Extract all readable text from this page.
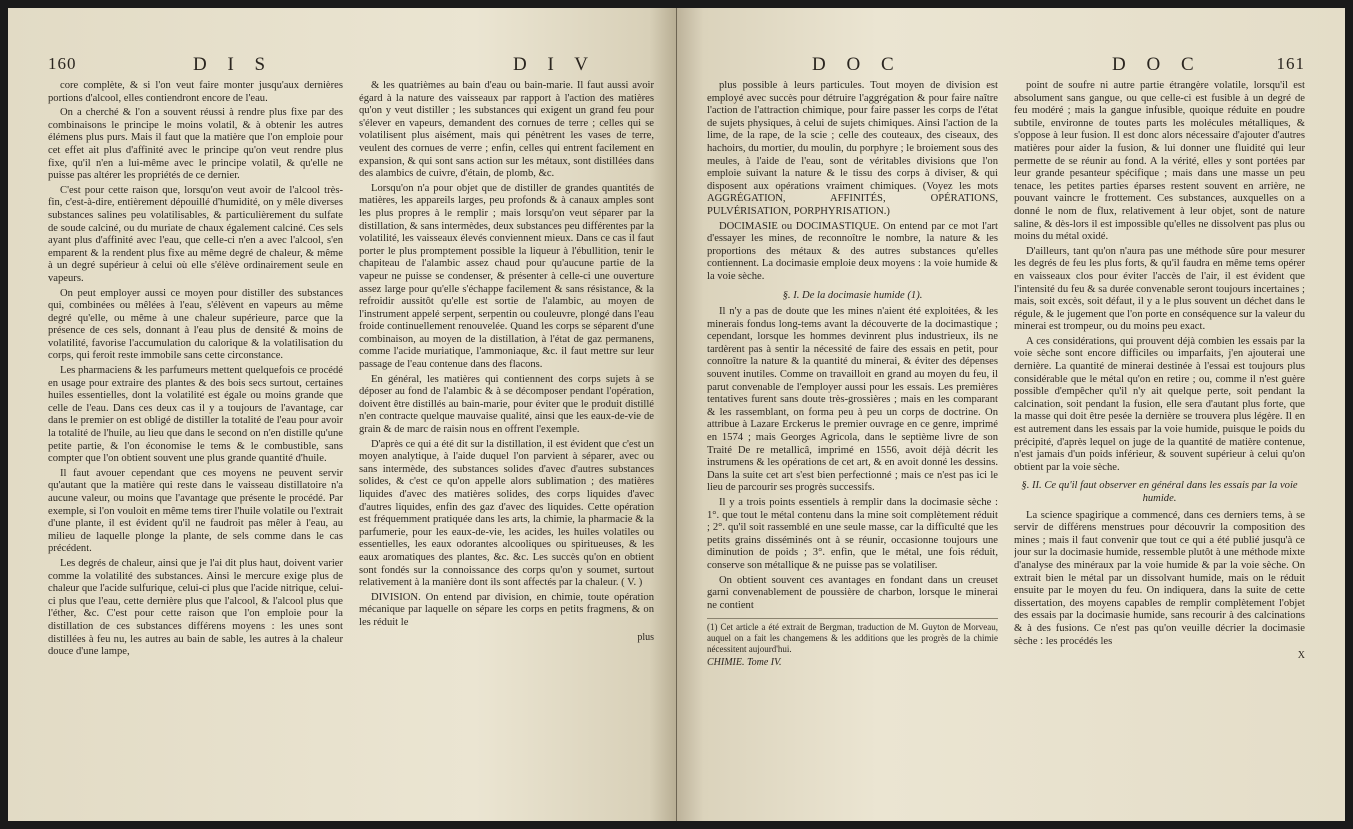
160	D I S	D I V

core complète, & si l'on veut faire monter jusqu'aux dernières portions d'alcool, elles contiendront encore de l'eau.

On a cherché & l'on a souvent réussi à rendre plus fixe par des combinaisons le principe le moins volatil, & à obtenir les autres élémens plus purs. Mais il faut que la matière que l'on emploie pour cet effet ait plus d'affinité avec le principe qu'on veut rendre plus fixe, qu'il n'en a lui-même avec le principe volatil, & qu'elle ne puisse pas altérer les propriétés de ce dernier.

C'est pour cette raison que, lorsqu'on veut avoir de l'alcool très-fin, c'est-à-dire, entièrement dépouillé d'humidité, on y mêle diverses substances salines peu volatilisables, & particulièrement du sulfate de soude calciné, ou du muriate de chaux également calciné. Ces sels ayant plus d'affinité avec l'eau, que celle-ci n'en a avec l'alcool, s'en emparent & la rendent plus fixe au même degré de chaleur, & même à un degré supérieur à celui où elle s'élève ordinairement seule en vapeurs.

On peut employer aussi ce moyen pour distiller des substances qui, combinées ou mêlées à l'eau, s'élèvent en vapeurs au même degré qu'elle, ou même à une chaleur supérieure, parce que la présence de ces sels, donnant à l'eau plus de densité & moins de volatilité, favorise l'accumulation du calorique & la volatilisation du corps, qui feroit reste immobile sans cette circonstance.

Les pharmaciens & les parfumeurs mettent quelquefois ce procédé en usage pour extraire des plantes & des bois secs surtout, certaines huiles essentielles, dont la volatilité est égale ou moins grande que celle de l'eau. Dans ces deux cas il y a toujours de l'avantage, car dans le premier on est obligé de distiller la totalité de l'eau pour avoir la totalité de l'huile, au lieu que dans le second on n'en distille qu'une petite partie, & l'on économise le tems & le combustible, sans compter que l'on obtient souvent une plus grande quantité d'huile.

Il faut avouer cependant que ces moyens ne peuvent servir qu'autant que la matière qui reste dans le vaisseau distillatoire n'a aucune valeur, ou moins que l'avantage que présente le procédé. Par exemple, si l'on vouloit en même tems tirer l'huile volatile ou l'extrait d'une plante, il est évident qu'il ne faudroit pas mêler à l'eau, au milieu de laquelle plonge la plante, de sels comme dans le cas précédent.

Les degrés de chaleur, ainsi que je l'ai dit plus haut, doivent varier comme la volatilité des substances. Ainsi le mercure exige plus de chaleur que l'acide sulfurique, celui-ci plus que l'acide nitrique, celui-ci plus que l'eau, cette dernière plus que l'alcool, & l'alcool plus que l'éther, &c. C'est pour cette raison que l'on emploie pour la distillation de ces substances différens moyens : les unes sont distillées à feu nu, les autres au bain de sable, les autres à la chaleur douce d'une lampe,

& les quatrièmes au bain d'eau ou bain-marie. Il faut aussi avoir égard à la nature des vaisseaux par rapport à l'action des matières qu'on y veut distiller ; les substances qui exigent un grand feu pour s'élever en vapeurs, demandent des cornues de terre ; celles qui se volatilisent plus aisément, mais qui pénètrent les vases de terre, veulent des cornues de verre ; enfin, celles qui entrent facilement en expansion, & qui sont sans action sur les métaux, sont distillées dans des alambics de cuivre, d'étain, de plomb, &c.

Lorsqu'on n'a pour objet que de distiller de grandes quantités de matières, les appareils larges, peu profonds & à canaux amples sont les plus propres à le remplir ; mais lorsqu'on veut séparer par la distillation, & sans intermèdes, deux substances peu différentes par la volatilité, les vaisseaux élevés conviennent mieux. Dans ce cas il faut porter le plus promptement possible la liqueur à l'ébullition, tenir le chapiteau de l'alambic assez chaud pour qu'aucune partie de la vapeur ne puisse se condenser, & présenter à celle-ci une ouverture assez large pour qu'elle s'échappe facilement & sans résistance, & la refroidir aussitôt qu'elle est sortie de l'alambic, au moyen de l'instrument appelé serpent, serpentin ou couleuvre, plongé dans l'eau froide continuellement renouvelée. Quand les corps se séparent d'une combinaison, au moyen de la distillation, à l'état de gaz permanens, comme l'acide muriatique, l'ammoniaque, &c. il faut mettre sur leur passage de l'eau contenue dans des flacons.

En général, les matières qui contiennent des corps sujets à se déposer au fond de l'alambic & à se décomposer pendant l'opération, doivent être distillés au bain-marie, pour éviter que le produit distillé n'en contracte quelque mauvaise qualité, ainsi que les eaux-de-vie de grain & de marc de raisin nous en offrent l'exemple.

D'après ce qui a été dit sur la distillation, il est évident que c'est un moyen analytique, à l'aide duquel l'on parvient à séparer, avec ou sans intermède, des substances solides d'avec d'autres substances solides, & c'est ce qu'on appelle alors sublimation ; des matières liquides d'avec des matières solides, des corps liquides d'avec d'autres liquides, enfin des gaz d'avec des liquides. Cette opération est fréquemment pratiquée dans les arts, la chimie, la pharmacie & la parfumerie, pour les eaux-de-vie, les acides, les huiles volatiles ou essentielles, les eaux odorantes alcooliques ou spiritueuses, & les eaux aromatiques des plantes, &c. &c. Les succès qu'on en obtient sont fondés sur la connoissance des corps qu'on y soumet, surtout relativement à la manière dont ils sont affectés par la chaleur. ( V. )

DIVISION. On entend par division, en chimie, toute opération mécanique par laquelle on sépare les corps en petits fragmens, & on les réduit le

plus
D O C	D O C	161

plus possible à leurs particules. Tout moyen de division est employé avec succès pour détruire l'aggrégation & pour faire naître l'action de l'attraction chimique, pour faire passer les corps de l'état de sujets physiques, à celui de sujets chimiques. Ainsi l'action de la lime, de la rape, de la scie ; celle des couteaux, des ciseaux, des hachoirs, du mortier, du moulin, du porphyre ; le broiement sous des meules, à l'aide de l'eau, sont de véritables divisions que l'on emploie suivant la nature & le tissu des corps à diviser, & qui disposent aux opérations vraiment chimiques. (Voyez les mots AGGRÉGATION, AFFINITÉS, OPÉRATIONS, PULVÉRISATION, PORPHYRISATION.)

DOCIMASIE ou DOCIMASTIQUE. On entend par ce mot l'art d'essayer les mines, de reconnoître le nombre, la nature & les proportions des métaux & des autres substances qu'elles contiennent. La docimasie emploie deux moyens : la voie humide & la voie sèche.

§. I. De la docimasie humide (1).

Il n'y a pas de doute que les mines n'aient été exploitées, & les minerais fondus long-tems avant la découverte de la docimastique ; cependant, lorsque les hommes devinrent plus industrieux, ils ne tardèrent pas à sentir la nécessité de faire des essais en petit, pour connoître la nature & la quantité du minerai, & éviter des dépenses souvent inutiles. Comme on travailloit en grand au moyen du feu, il parut convenable de l'employer aussi pour les essais. Les premières tentatives furent sans doute très-grossières ; mais en les comparant & les rassemblant, on forma peu à peu un corps de doctrine. On attribue à Lazare Erckerus le premier ouvrage en ce genre, imprimé en 1574 ; mais Georges Agricola, dans le septième livre de son Traité De re metallicâ, imprimé en 1556, avoit déjà décrit les instrumens & les opérations de cet art, & en avoit donné les dessins. Dans la suite cet art s'est bien perfectionné ; mais ce n'est pas ici le lieu de parcourir ses progrès successifs.

Il y a trois points essentiels à remplir dans la docimasie sèche : 1°. que tout le métal contenu dans la mine soit complètement réduit ; 2°. qu'il soit rassemblé en une seule masse, car la difficulté que les petits grains disséminés ont à se réunir, occasionne toujours une diminution de poids ; 3°. enfin, que le métal, une fois réduit, conserve son métallique & ne puisse pas se volatiliser.

On obtient souvent ces avantages en fondant dans un creuset garni convenablement de poussière de charbon, lorsque le minerai ne contient

(1) Cet article a été extrait de Bergman, traduction de M. Guyton de Morveau, auquel on a fait les changemens & les additions que les progrès de la chimie nécessitent aujourd'hui.
CHIMIE. Tome IV.

point de soufre ni autre partie étrangère volatile, lorsqu'il est absolument sans gangue, ou que celle-ci est fusible à un degré de feu modéré ; mais la gangue infusible, quoique réduite en poudre subtile, environne de toutes parts les molécules métalliques, & s'oppose à leur fusion. Il est donc alors nécessaire d'ajouter d'autres matières pour aider la fusion, & lui donner une fluidité qui leur permette de se réunir au fond. A la vérité, elles y sont portées par leur grande pesanteur spécifique ; mais dans une masse un peu tenace, les petites parties éparses restent souvent en arrière, ne pouvant vaincre le frottement. Ces substances, auxquelles on a donné le nom de flux, relativement à leur objet, sont de nature saline, & dès-lors il est impossible qu'elles ne dissolvent pas plus ou moins du métal oxidé.

D'ailleurs, tant qu'on n'aura pas une méthode sûre pour mesurer les degrés de feu les plus forts, & qu'il faudra en même tems opérer en vaisseaux clos pour éviter l'accès de l'air, il est évident que l'intensité du feu & sa durée convenable seront toujours incertaines ; mais, soit excès, soit défaut, il y a le plus souvent un déchet dans le régule, & le jugement que l'on porte en conséquence sur la valeur du minerai est trompeur, ou du moins peu exact.

A ces considérations, qui prouvent déjà combien les essais par la voie sèche sont encore difficiles ou imparfaits, j'en ajouterai une dernière. La quantité de minerai destinée à l'essai est toujours plus considérable que le métal qu'on en retire ; ou, comme il n'est guère possible d'empêcher qu'il n'y ait quelque perte, soit pendant la calcination, soit pendant la fusion, elle sera d'autant plus forte, que la masse qui doit être pesée la dernière se trouvera plus légère. Il en est autrement dans les essais par la voie humide, puisque le poids du précipité, d'après lequel on juge de la quantité de matière contenue, n'est jamais d'un poids inférieur, & souvent supérieur à celui qu'on obtient par la voie sèche.

§. II. Ce qu'il faut observer en général dans les essais par la voie humide.

La science spagirique a commencé, dans ces derniers tems, à se servir de différens menstrues pour découvrir la composition des mines ; mais il faut convenir que tout ce qui a été publié jusqu'à ce jour sur la docimasie humide, ressemble plutôt à une méthode mixte d'analyse des minéraux par la voie humide & par la voie sèche. On extrait bien le métal par un dissolvant humide, mais on le réduit ensuite par le moyen du feu. On indiquera, dans la suite de cette dissertation, des moyens capables de remplir complètement l'objet des essais par la docimasie humide, sans recourir à des calcinations & à des fusions. Ce n'est pas qu'on veuille décrier la docimasie sèche : les procédés les

X
